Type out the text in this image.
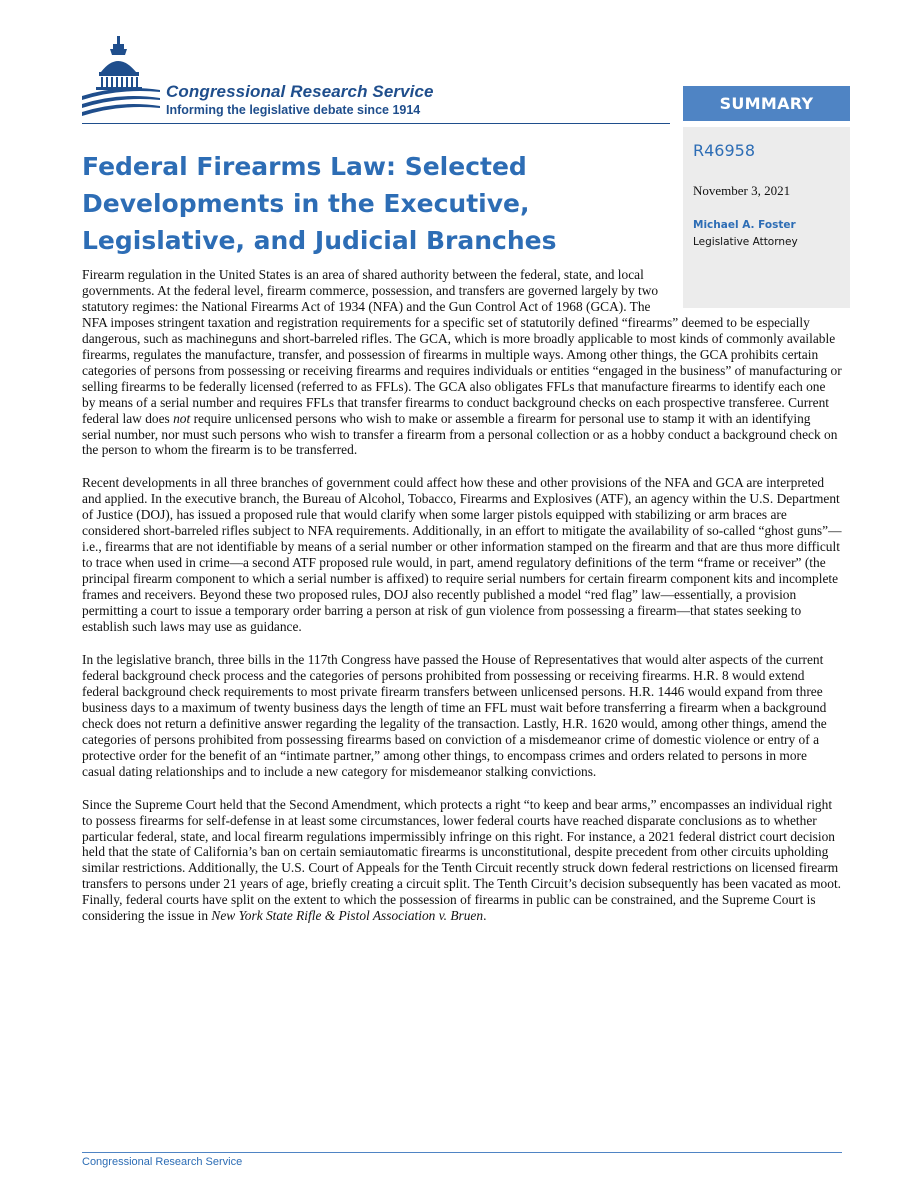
Congressional Research Service
Informing the legislative debate since 1914	SUMMARY
R46958
November 3, 2021
Michael A. Foster
Legislative Attorney
Federal Firearms Law: Selected Developments in the Executive, Legislative, and Judicial Branches

Firearm regulation in the United States is an area of shared authority between the federal, state, and local governments. At the federal level, firearm commerce, possession, and transfers are governed largely by two statutory regimes: the National Firearms Act of 1934 (NFA) and the Gun Control Act of 1968 (GCA). The NFA imposes stringent taxation and registration requirements for a specific set of statutorily defined “firearms” deemed to be especially dangerous, such as machineguns and short-barreled rifles. The GCA, which is more broadly applicable to most kinds of commonly available firearms, regulates the manufacture, transfer, and possession of firearms in multiple ways. Among other things, the GCA prohibits certain categories of persons from possessing or receiving firearms and requires individuals or entities “engaged in the business” of manufacturing or selling firearms to be federally licensed (referred to as FFLs). The GCA also obligates FFLs that manufacture firearms to identify each one by means of a serial number and requires FFLs that transfer firearms to conduct background checks on each prospective transferee. Current federal law does not require unlicensed persons who wish to make or assemble a firearm for personal use to stamp it with an identifying serial number, nor must such persons who wish to transfer a firearm from a personal collection or as a hobby conduct a background check on the person to whom the firearm is to be transferred.

Recent developments in all three branches of government could affect how these and other provisions of the NFA and GCA are interpreted and applied. In the executive branch, the Bureau of Alcohol, Tobacco, Firearms and Explosives (ATF), an agency within the U.S. Department of Justice (DOJ), has issued a proposed rule that would clarify when some larger pistols equipped with stabilizing or arm braces are considered short-barreled rifles subject to NFA requirements. Additionally, in an effort to mitigate the availability of so-called “ghost guns”—i.e., firearms that are not identifiable by means of a serial number or other information stamped on the firearm and that are thus more difficult to trace when used in crime—a second ATF proposed rule would, in part, amend regulatory definitions of the term “frame or receiver” (the principal firearm component to which a serial number is affixed) to require serial numbers for certain firearm component kits and incomplete frames and receivers. Beyond these two proposed rules, DOJ also recently published a model “red flag” law—essentially, a provision permitting a court to issue a temporary order barring a person at risk of gun violence from possessing a firearm—that states seeking to establish such laws may use as guidance.

In the legislative branch, three bills in the 117th Congress have passed the House of Representatives that would alter aspects of the current federal background check process and the categories of persons prohibited from possessing or receiving firearms. H.R. 8 would extend federal background check requirements to most private firearm transfers between unlicensed persons. H.R. 1446 would expand from three business days to a maximum of twenty business days the length of time an FFL must wait before transferring a firearm when a background check does not return a definitive answer regarding the legality of the transaction. Lastly, H.R. 1620 would, among other things, amend the categories of persons prohibited from possessing firearms based on conviction of a misdemeanor crime of domestic violence or entry of a protective order for the benefit of an “intimate partner,” among other things, to encompass crimes and orders related to persons in more casual dating relationships and to include a new category for misdemeanor stalking convictions.

Since the Supreme Court held that the Second Amendment, which protects a right “to keep and bear arms,” encompasses an individual right to possess firearms for self-defense in at least some circumstances, lower federal courts have reached disparate conclusions as to whether particular federal, state, and local firearm regulations impermissibly infringe on this right. For instance, a 2021 federal district court decision held that the state of California’s ban on certain semiautomatic firearms is unconstitutional, despite precedent from other circuits upholding similar restrictions. Additionally, the U.S. Court of Appeals for the Tenth Circuit recently struck down federal restrictions on licensed firearm transfers to persons under 21 years of age, briefly creating a circuit split. The Tenth Circuit’s decision subsequently has been vacated as moot. Finally, federal courts have split on the extent to which the possession of firearms in public can be constrained, and the Supreme Court is considering the issue in New York State Rifle & Pistol Association v. Bruen.

Congressional Research Service
